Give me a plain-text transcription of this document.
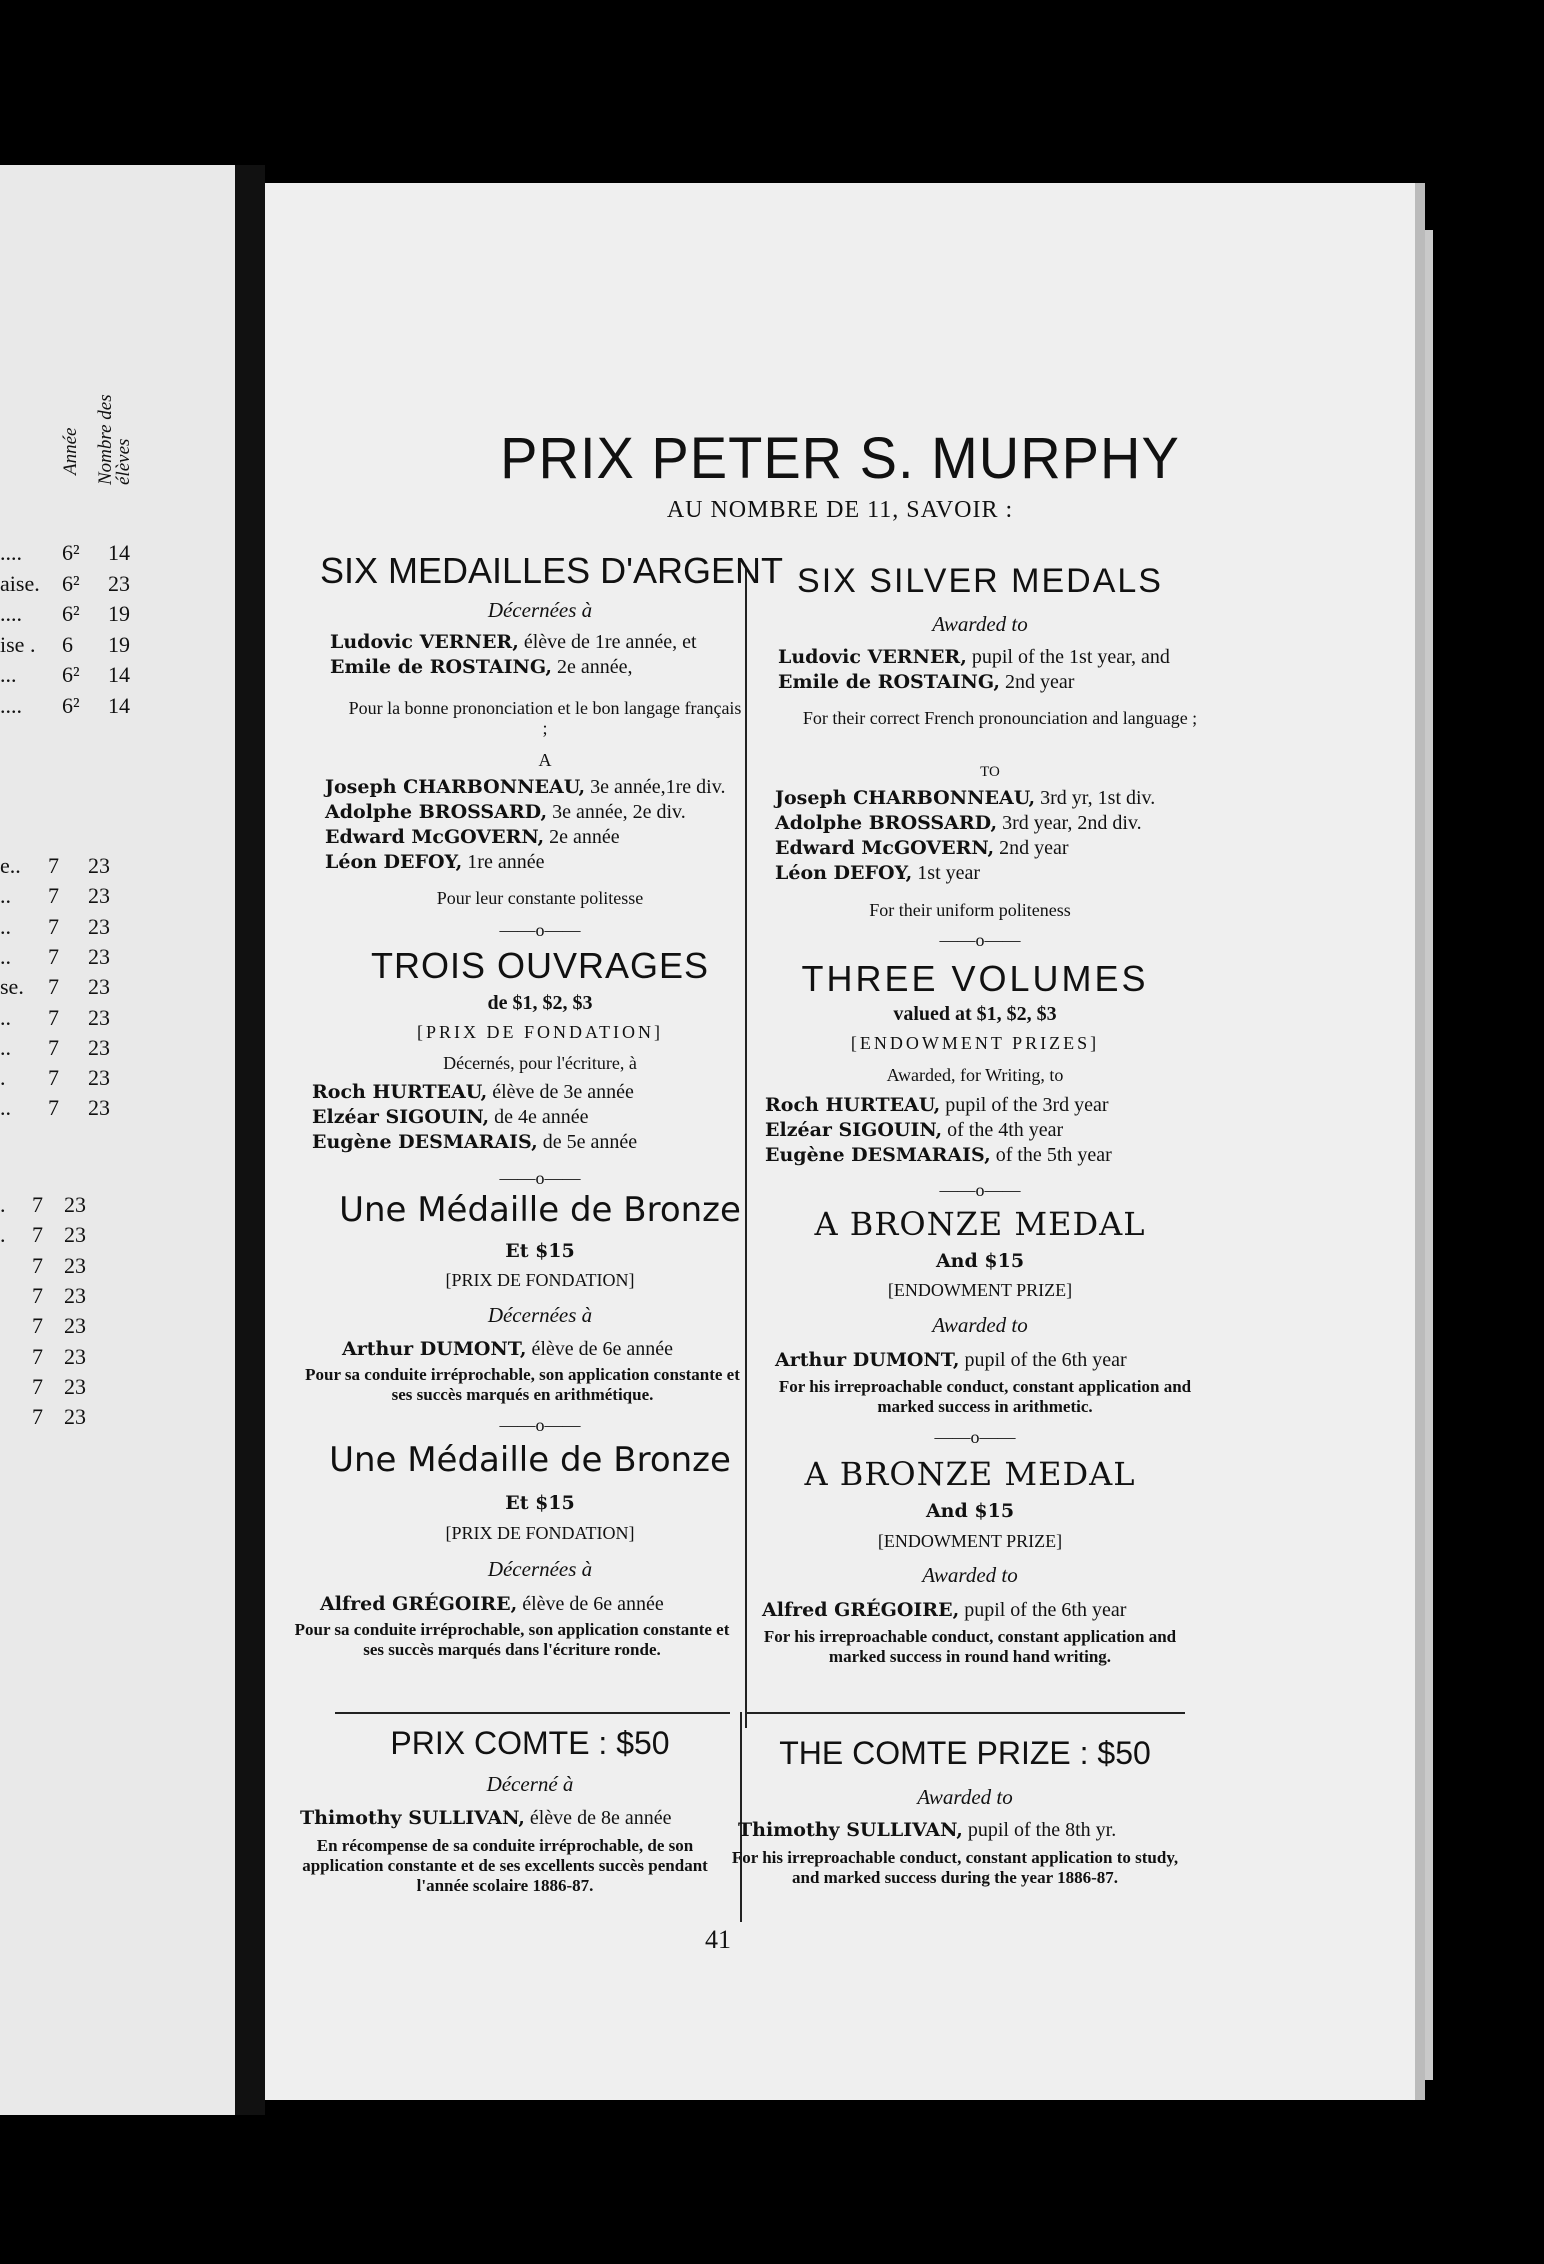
Année Nombre des élèves
.... 6² 14
aise. 6² 23
.... 6² 19
ise . 6 19
... 6² 14
.... 6² 14
e.. 7 23
.. 7 23
.. 7 23
.. 7 23
se. 7 23
.. 7 23
.. 7 23
. 7 23
.. 7 23
. 7 23
. 7 23
7 23
7 23
7 23
7 23
7 23
7 23
PRIX PETER S. MURPHY
AU NOMBRE DE 11, SAVOIR :
SIX MEDAILLES D'ARGENT
Décernées à
Ludovic VERNER, élève de 1re année, et
Emile de ROSTAING, 2e année,
Pour la bonne prononciation et le bon langage français ;
A
Joseph CHARBONNEAU, 3e année,1re div.
Adolphe BROSSARD, 3e année, 2e div.
Edward McGOVERN, 2e année
Léon DEFOY, 1re année
Pour leur constante politesse
——o——
TROIS OUVRAGES
de $1, $2, $3
[PRIX DE FONDATION]
Décernés, pour l'écriture, à
Roch HURTEAU, élève de 3e année
Elzéar SIGOUIN, de 4e année
Eugène DESMARAIS, de 5e année
——o——
Une Médaille de Bronze
Et $15
[PRIX DE FONDATION]
Décernées à
Arthur DUMONT, élève de 6e année
Pour sa conduite irréprochable, son application constante et ses succès marqués en arithmétique.
——o——
Une Médaille de Bronze
Et $15
[PRIX DE FONDATION]
Décernées à
Alfred GRÉGOIRE, élève de 6e année
Pour sa conduite irréprochable, son application constante et ses succès marqués dans l'écriture ronde.
PRIX COMTE : $50
Décerné à
Thimothy SULLIVAN, élève de 8e année
En récompense de sa conduite irréprochable, de son application constante et de ses excellents succès pendant l'année scolaire 1886-87.
SIX SILVER MEDALS
Awarded to
Ludovic VERNER, pupil of the 1st year, and
Emile de ROSTAING, 2nd year
For their correct French pronounciation and language ;
TO
Joseph CHARBONNEAU, 3rd yr, 1st div.
Adolphe BROSSARD, 3rd year, 2nd div.
Edward McGOVERN, 2nd year
Léon DEFOY, 1st year
For their uniform politeness
——o——
THREE VOLUMES
valued at $1, $2, $3
[ENDOWMENT PRIZES]
Awarded, for Writing, to
Roch HURTEAU, pupil of the 3rd year
Elzéar SIGOUIN, of the 4th year
Eugène DESMARAIS, of the 5th year
——o——
A BRONZE MEDAL
And $15
[ENDOWMENT PRIZE]
Awarded to
Arthur DUMONT, pupil of the 6th year
For his irreproachable conduct, constant application and marked success in arithmetic.
——o——
A BRONZE MEDAL
And $15
[ENDOWMENT PRIZE]
Awarded to
Alfred GRÉGOIRE, pupil of the 6th year
For his irreproachable conduct, constant application and marked success in round hand writing.
THE COMTE PRIZE : $50
Awarded to
Thimothy SULLIVAN, pupil of the 8th yr.
For his irreproachable conduct, constant application to study, and marked success during the year 1886-87.
41
